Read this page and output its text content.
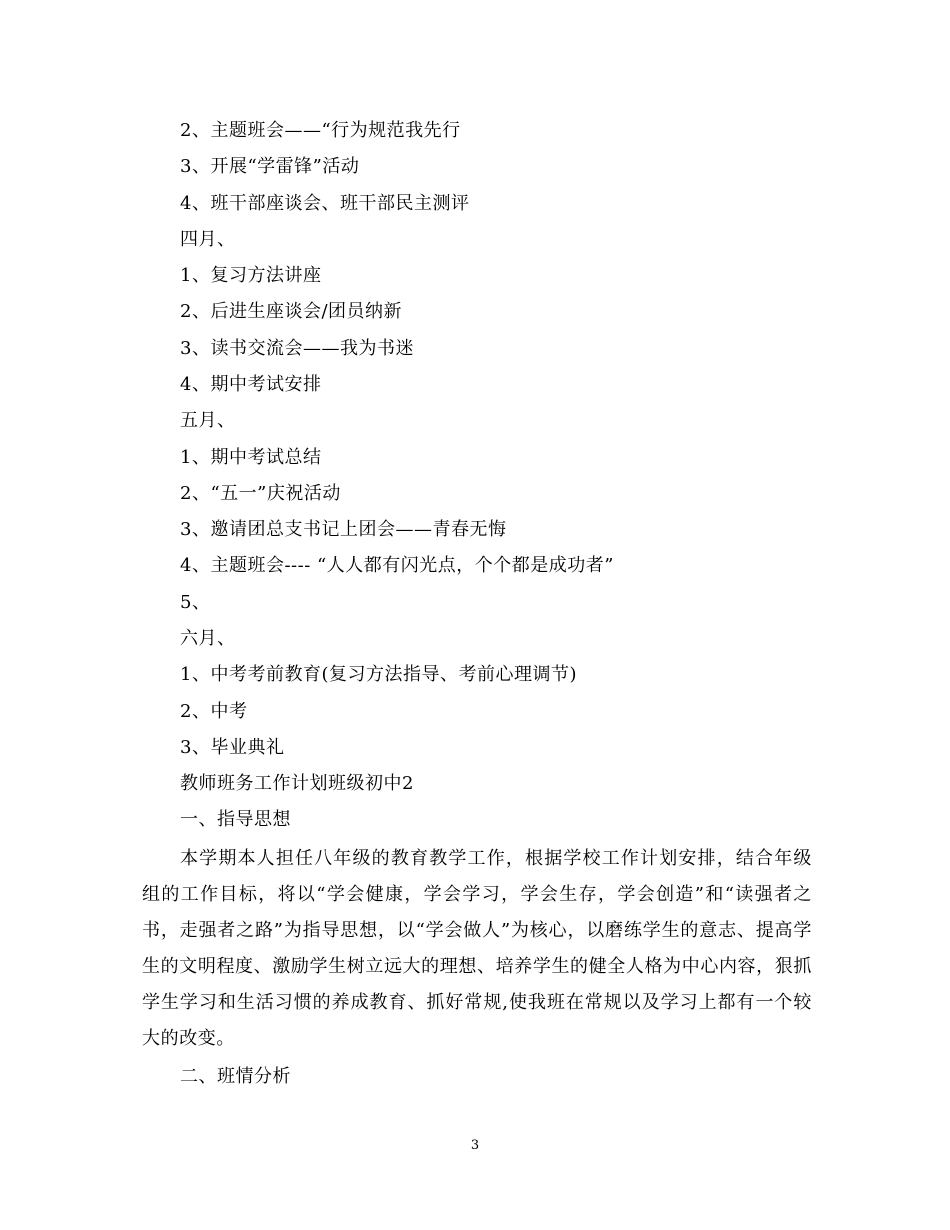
2、主题班会——“行为规范我先行
3、开展“学雷锋”活动
4、班干部座谈会、班干部民主测评
四月、
1、复习方法讲座
2、后进生座谈会/团员纳新
3、读书交流会——我为书迷
4、期中考试安排
五月、
1、期中考试总结
2、“五一”庆祝活动
3、邀请团总支书记上团会——青春无悔
4、主题班会---- “人人都有闪光点，个个都是成功者”
5、
六月、
1、中考考前教育(复习方法指导、考前心理调节)
2、中考
3、毕业典礼
教师班务工作计划班级初中2
一、指导思想
本学期本人担任八年级的教育教学工作，根据学校工作计划安排，结合年级组的工作目标，将以“学会健康，学会学习，学会生存，学会创造”和“读强者之书，走强者之路”为指导思想，以“学会做人”为核心，以磨练学生的意志、提高学生的文明程度、激励学生树立远大的理想、培养学生的健全人格为中心内容，狠抓学生学习和生活习惯的养成教育、抓好常规,使我班在常规以及学习上都有一个较大的改变。
二、班情分析
3
